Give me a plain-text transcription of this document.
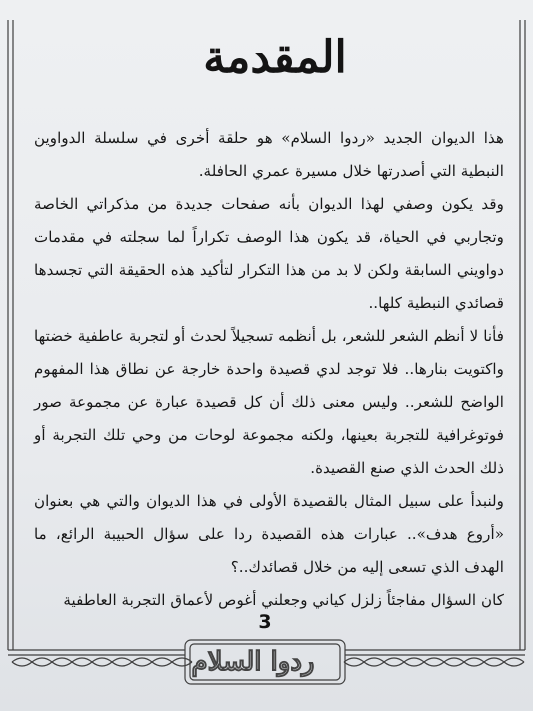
المقدمة

هذا الديوان الجديد «ردوا السلام» هو حلقة أخرى في سلسلة الدواوين النبطية التي أصدرتها خلال مسيرة عمري الحافلة.

وقد يكون وصفي لهذا الديوان بأنه صفحات جديدة من مذكراتي الخاصة وتجاربي في الحياة، قد يكون هذا الوصف تكراراً لما سجلته في مقدمات دواويني السابقة ولكن لا بد من هذا التكرار لتأكيد هذه الحقيقة التي تجسدها قصائدي النبطية كلها..

فأنا لا أنظم الشعر للشعر، بل أنظمه تسجيلاً لحدث أو لتجربة عاطفية خضتها واكتويت بنارها.. فلا توجد لدي قصيدة واحدة خارجة عن نطاق هذا المفهوم الواضح للشعر.. وليس معنى ذلك أن كل قصيدة عبارة عن مجموعة صور فوتوغرافية للتجربة بعينها، ولكنه مجموعة لوحات من وحي تلك التجربة أو ذلك الحدث الذي صنع القصيدة.

ولنبدأ على سبيل المثال بالقصيدة الأولى في هذا الديوان والتي هي بعنوان «أروع هدف».. عبارات هذه القصيدة ردا على سؤال الحبيبة الرائع، ما الهدف الذي تسعى إليه من خلال قصائدك..؟

كان السؤال مفاجئاً زلزل كياني وجعلني أغوص لأعماق التجربة العاطفية

3
ردوا السلام
